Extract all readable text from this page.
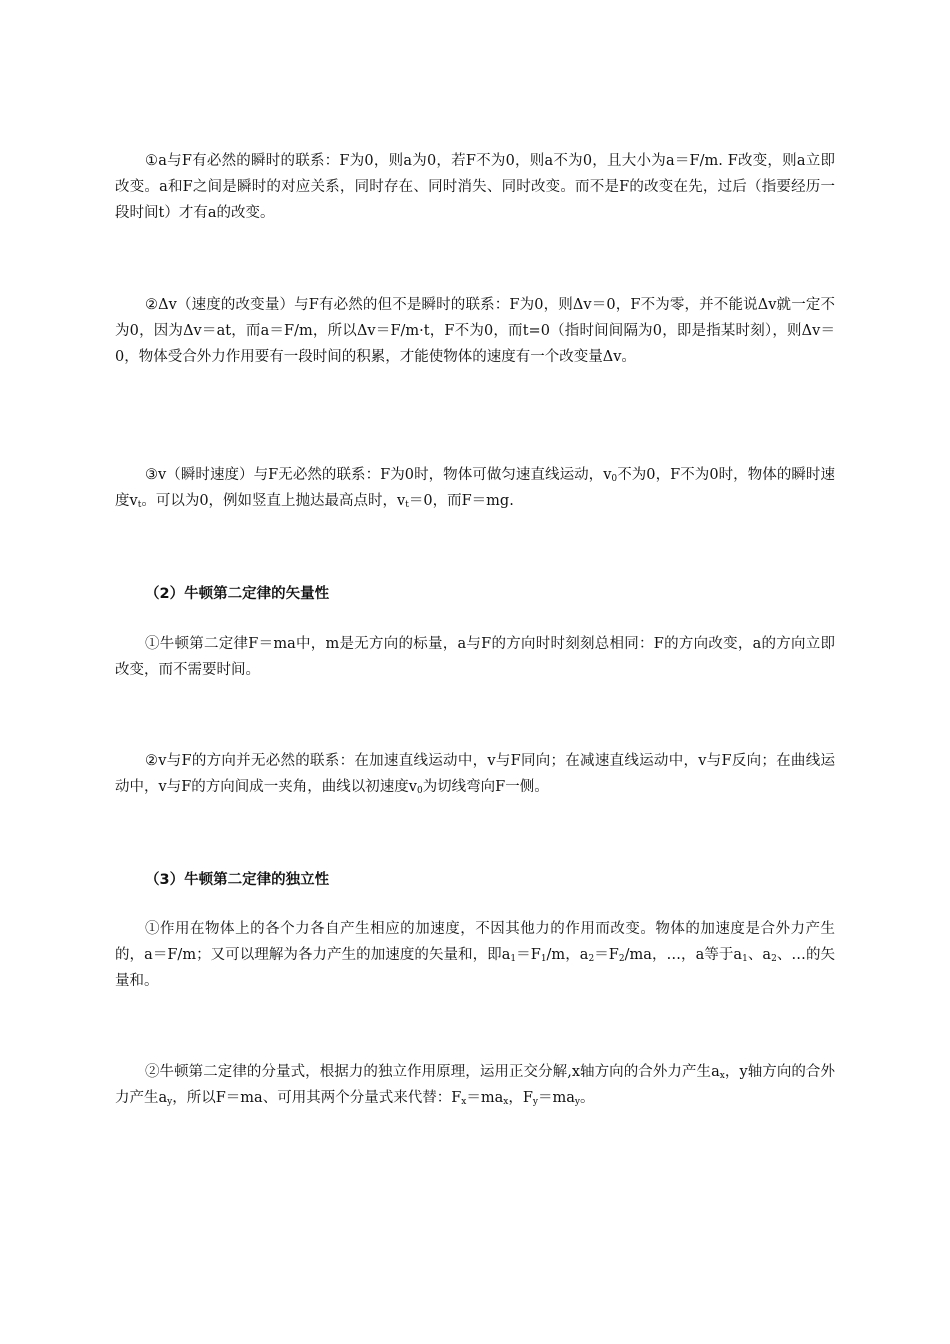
①a与F有必然的瞬时的联系：F为0，则a为0，若F不为0，则a不为0，且大小为a＝F/m. F改变，则a立即改变。a和F之间是瞬时的对应关系，同时存在、同时消失、同时改变。而不是F的改变在先，过后（指要经历一段时间t）才有a的改变。

②Δv（速度的改变量）与F有必然的但不是瞬时的联系：F为0，则Δv＝0，F不为零，并不能说Δv就一定不为0，因为Δv＝at，而a＝F/m，所以Δv＝F/m·t，F不为0，而t=0（指时间间隔为0，即是指某时刻），则Δv＝0，物体受合外力作用要有一段时间的积累，才能使物体的速度有一个改变量Δv。

③v（瞬时速度）与F无必然的联系：F为0时，物体可做匀速直线运动，$v_0$不为0，F不为0时，物体的瞬时速度$v_t$。可以为0，例如竖直上抛达最高点时，$v_t=0$，而F＝mg.

（2）牛顿第二定律的矢量性

①牛顿第二定律F＝ma中，m是无方向的标量，a与F的方向时时刻刻总相同：F的方向改变，a的方向立即改变，而不需要时间。

②v与F的方向并无必然的联系：在加速直线运动中，v与F同向；在减速直线运动中，v与F反向；在曲线运动中，v与F的方向间成一夹角，曲线以初速度$v_0$为切线弯向F一侧。

（3）牛顿第二定律的独立性

①作用在物体上的各个力各自产生相应的加速度，不因其他力的作用而改变。物体的加速度是合外力产生的，a＝F/m；又可以理解为各力产生的加速度的矢量和，即$a_1=F_1/m$，$a_2=F_2/ma$，…，a等于$a_1$、$a_2$、…的矢量和。

②牛顿第二定律的分量式，根据力的独立作用原理，运用正交分解,x轴方向的合外力产生$a_x$，y轴方向的合外力产生$a_y$，所以F＝ma、可用其两个分量式来代替：$F_x=ma_x$，$F_y=ma_y$。
